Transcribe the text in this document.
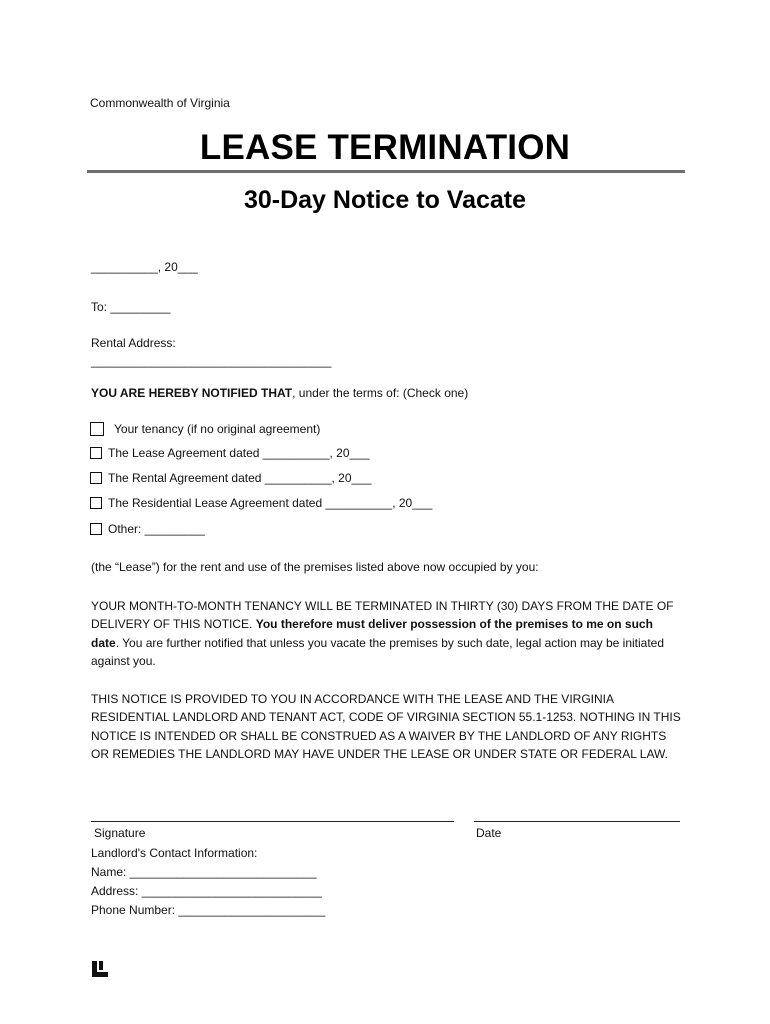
Commonwealth of Virginia
LEASE TERMINATION
30-Day Notice to Vacate
__________, 20___
To: _________
Rental Address:
____________________________________
YOU ARE HEREBY NOTIFIED THAT, under the terms of: (Check one)
Your tenancy (if no original agreement)
The Lease Agreement dated __________, 20___
The Rental Agreement dated __________, 20___
The Residential Lease Agreement dated __________, 20___
Other: _________
(the “Lease”) for the rent and use of the premises listed above now occupied by you:
YOUR MONTH-TO-MONTH TENANCY WILL BE TERMINATED IN THIRTY (30) DAYS FROM THE DATE OF DELIVERY OF THIS NOTICE. You therefore must deliver possession of the premises to me on such date. You are further notified that unless you vacate the premises by such date, legal action may be initiated against you.
THIS NOTICE IS PROVIDED TO YOU IN ACCORDANCE WITH THE LEASE AND THE VIRGINIA RESIDENTIAL LANDLORD AND TENANT ACT, CODE OF VIRGINIA SECTION 55.1-1253. NOTHING IN THIS NOTICE IS INTENDED OR SHALL BE CONSTRUED AS A WAIVER BY THE LANDLORD OF ANY RIGHTS OR REMEDIES THE LANDLORD MAY HAVE UNDER THE LEASE OR UNDER STATE OR FEDERAL LAW.
Signature	Date
Landlord's Contact Information:
Name: ____________________________
Address: ___________________________
Phone Number: ______________________
